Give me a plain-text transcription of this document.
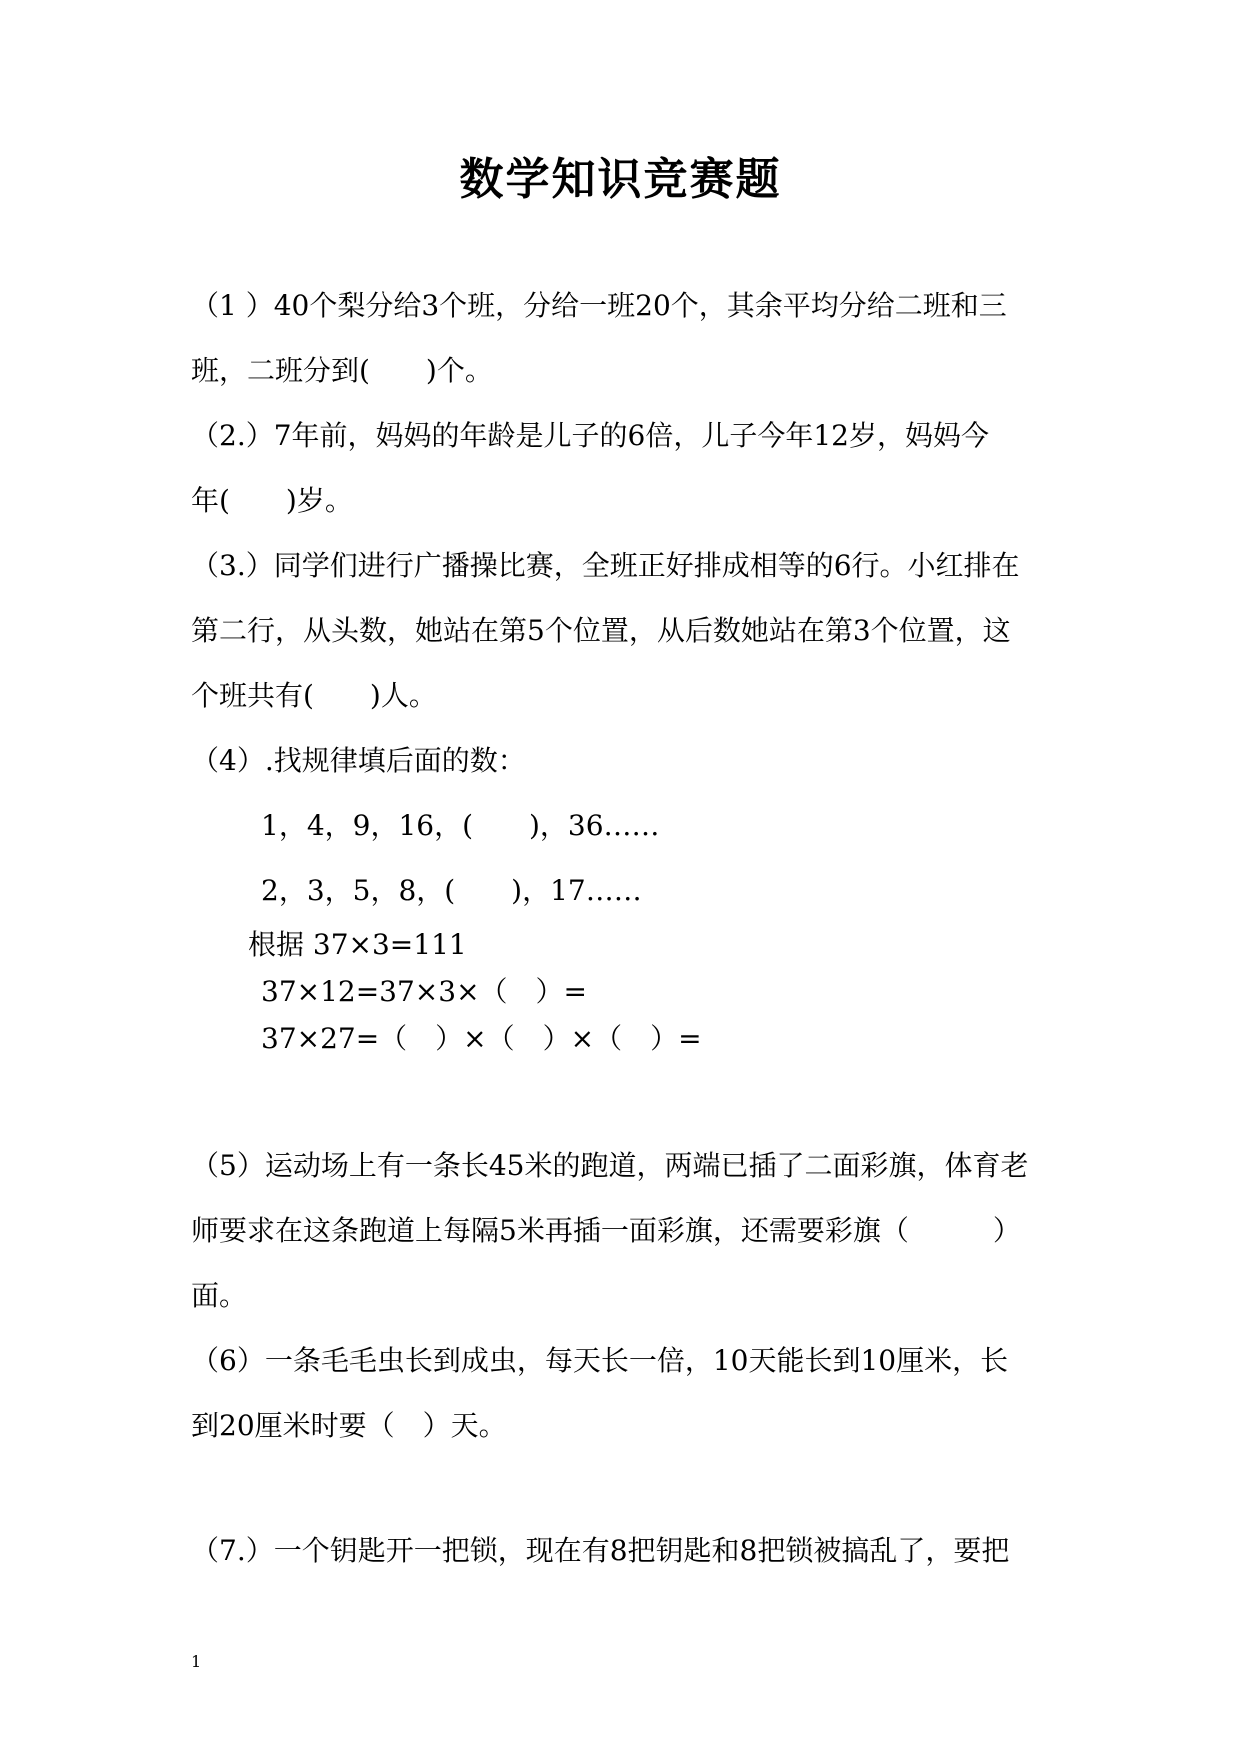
数学知识竞赛题
（1 ）40个梨分给3个班，分给一班20个，其余平均分给二班和三
班，二班分到(　　)个。
（2.）7年前，妈妈的年龄是儿子的6倍，儿子今年12岁，妈妈今
年(　　)岁。
（3.）同学们进行广播操比赛，全班正好排成相等的6行。小红排在
第二行，从头数，她站在第5个位置，从后数她站在第3个位置，这
个班共有(　　)人。
（4）.找规律填后面的数：
1，4，9，16，(　　)，36……
2，3，5，8，(　　)，17……
根据 37×3=111
37×12=37×3×（　）=
37×27=（　）×（　）×（　）=
（5）运动场上有一条长45米的跑道，两端已插了二面彩旗，体育老
师要求在这条跑道上每隔5米再插一面彩旗，还需要彩旗（　　　）
面。
（6）一条毛毛虫长到成虫，每天长一倍，10天能长到10厘米，长
到20厘米时要（　）天。
（7.）一个钥匙开一把锁，现在有8把钥匙和8把锁被搞乱了，要把
1
